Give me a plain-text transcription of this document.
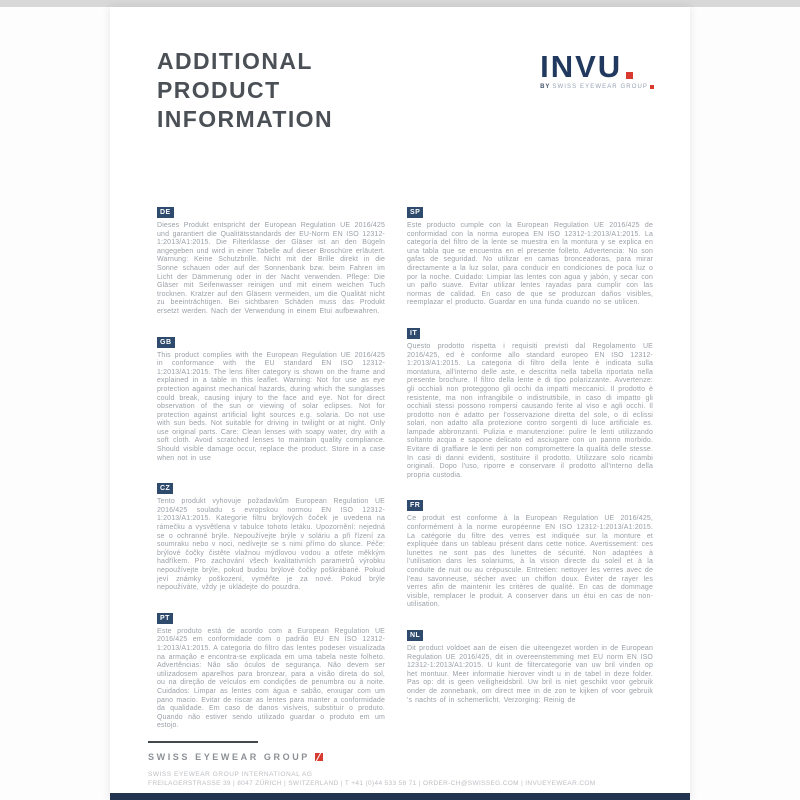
ADDITIONAL
PRODUCT
INFORMATION
INVU
BY SWISS EYEWEAR GROUP
DE
Dieses Produkt entspricht der European Regulation UE 2016/425 und garantiert die Qualitätsstandards der EU-Norm EN ISO 12312-1:2013/A1:2015. Die Filterklasse der Gläser ist an den Bügeln angegeben und wird in einer Tabelle auf dieser Broschüre erläutert. Warnung: Keine Schutzbrille. Nicht mit der Brille direkt in die Sonne schauen oder auf der Sonnenbank bzw. beim Fahren im Licht der Dämmerung oder in der Nacht verwenden. Pflege: Die Gläser mit Seifenwasser reinigen und mit einem weichen Tuch trocknen. Kratzer auf den Gläsern vermeiden, um die Qualität nicht zu beeinträchtigen. Bei sichtbaren Schäden muss das Produkt ersetzt werden. Nach der Verwendung in einem Etui aufbewahren.
GB
This product complies with the European Regulation UE 2016/425 in conformance with the EU standard EN ISO 12312-1:2013/A1:2015. The lens filter category is shown on the frame and explained in a table in this leaflet. Warning: Not for use as eye protection against mechanical hazards, during which the sunglasses could break, causing injury to the face and eye. Not for direct observation of the sun or viewing of solar eclipses. Not for protection against artificial light sources e.g. solaria. Do not use with sun beds. Not suitable for driving in twilight or at night. Only use original parts. Care: Clean lenses with soapy water, dry with a soft cloth. Avoid scratched lenses to maintain quality compliance. Should visible damage occur, replace the product. Store in a case when not in use
CZ
Tento produkt vyhovuje požadavkům European Regulation UE 2016/425 souladu s evropskou normou EN ISO 12312-1:2013/A1:2015. Kategorie filtru brýlových čoček je uvedena na rámečku a vysvětlena v tabulce tohoto letáku. Upozornění: nejedná se o ochranné brýle. Nepoužívejte brýle v soláriu a při řízení za soumraku nebo v noci, nedívejte se s nimi přímo do slunce. Péče: brýlové čočky čistěte vlažnou mýdlovou vodou a otřete měkkým hadříkem. Pro zachování všech kvalitativních parametrů výrobku nepoužívejte brýle, pokud budou brýlové čočky poškrábané. Pokud jeví známky poškození, vyměňte je za nové. Pokud brýle nepoužíváte, vždy je ukládejte do pouzdra.
PT
Este produto está de acordo com a European Regulation UE 2016/425 em conformidade com o padrão EU EN ISO 12312-1:2013/A1:2015. A categoria do filtro das lentes podeser visualizada na armação e encontra-se explicada em uma tabela neste folheto. Advertências: Não são óculos de segurança. Não devem ser utilizadosem aparelhos para bronzear, para a visão direta do sol, ou na direção de veículos em condições de penumbra ou à noite. Cuidados: Limpar as lentes com água e sabão, enxugar com um pano macio. Evitar de riscar as lentes para manter a conformidade da qualidade. Em caso de danos visíveis, substituir o produto. Quando não estiver sendo utilizado guardar o produto em um estojo.
SP
Este producto cumple con la European Regulation UE 2016/425 de conformidad con la norma europea EN ISO 12312-1:2013/A1:2015. La categoría del filtro de la lente se muestra en la montura y se explica en una tabla que se encuentra en el presente folleto. Advertencia: No son gafas de seguridad. No utilizar en camas bronceadoras, para mirar directamente a la luz solar, para conducir en condiciones de poca luz o por la noche. Cuidado: Limpiar las lentes con agua y jabón, y secar con un paño suave. Evitar utilizar lentes rayadas para cumplir con las normas de calidad. En caso de que se produzcan daños visibles, reemplazar el producto. Guardar en una funda cuando no se utilicen.
IT
Questo prodotto rispetta i requisiti previsti dal Regolamento UE 2016/425, ed è conforme allo standard europeo EN ISO 12312-1:2013/A1:2015. La categoria di filtro della lente è indicata sulla montatura, all'interno delle aste, e descritta nella tabella riportata nella presente brochure. Il filtro della lente è di tipo polarizzante. Avvertenze: gli occhiali non proteggono gli occhi da impatti meccanici. Il prodotto è resistente, ma non infrangibile o indistruttibile, in caso di impatto gli occhiali stessi possono rompersi causando ferite al viso e agli occhi. Il prodotto non è adatto per l'osservazione diretta del sole, o di eclissi solari, non adatto alla protezione contro sorgenti di luce artificiale es. lampade abbronzanti. Pulizia e manutenzione: pulire le lenti utilizzando soltanto acqua e sapone delicato ed asciugare con un panno morbido. Evitare di graffiare le lenti per non compromettere la qualità delle stesse. In casi di danni evidenti, sostituire il prodotto. Utilizzare solo ricambi originali. Dopo l'uso, riporre e conservare il prodotto all'interno della propria custodia.
FR
Ce produit est conforme à la European Regulation UE 2016/425, conformément à la norme européenne EN ISO 12312-1:2013/A1:2015. La catégorie du filtre des verres est indiquée sur la monture et expliquée dans un tableau présent dans cette notice. Avertissement: ces lunettes ne sont pas des lunettes de sécurité. Non adaptées à l'utilisation dans les solariums, à la vision directe du soleil et à la conduite de nuit ou au crépuscule. Entretien: nettoyer les verres avec de l'eau savonneuse, sécher avec un chiffon doux. Éviter de rayer les verres afin de maintenir les critères de qualité. En cas de dommage visible, remplacer le produit. A conserver dans un étui en cas de non-utilisation.
NL
Dit product voldoet aan de eisen die uiteengezet worden in de European Regulation UE 2016/425, dit in overeenstemming met EU norm EN ISO 12312-1:2013/A1:2015. U kunt de filtercategorie van uw bril vinden op het montuur. Meer informatie hierover vindt u in de tabel in deze folder. Pas op: dit is geen veiligheidsbril. Uw bril is niet geschikt voor gebruik onder de zonnebank, om direct mee in de zon te kijken of voor gebruik 's nachts of in schemerlicht. Verzorging: Reinig de
SWISS EYEWEAR GROUP
SWISS EYEWEAR GROUP INTERNATIONAL AG
FREILAGERSTRASSE 39 | 8047 ZÜRICH | SWITZERLAND | T +41 (0)44 533 58 71 | ORDER-CH@SWISSEG.COM | INVUEYEWEAR.COM
